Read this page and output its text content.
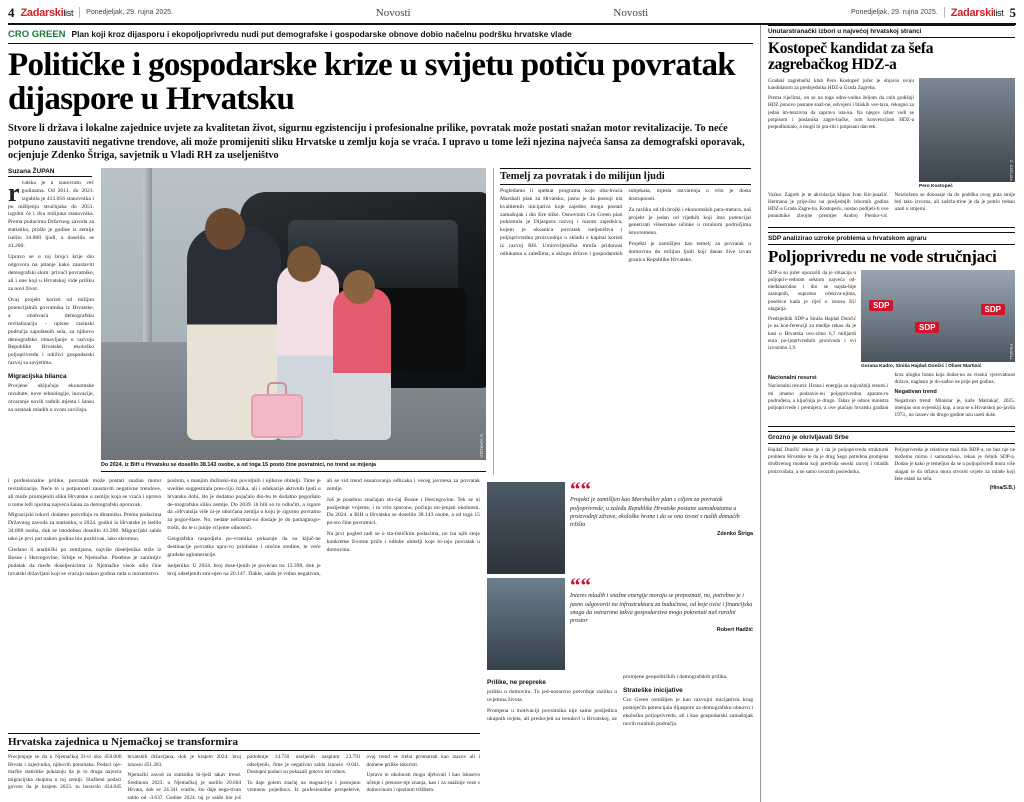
4 Zadarskilist Ponedjeljak, 29. rujna 2025.	Novosti	Novosti	Ponedjeljak, 29. rujna 2025. Zadarskilist 5
CRO GREEN Plan koji kroz dijasporu i ekopoljoprivredu nudi put demografske i gospodarske obnove dobio načelnu podršku hrvatske vlade
Političke i gospodarske krize u svijetu potiču povratak dijaspore u Hrvatsku

Stvore li država i lokalne zajednice uvjete za kvalitetan život, sigurnu egzistenciju i profesionalne prilike, povratak može postati snažan motor revitalizacije. To neće potpuno zaustaviti negativne trendove, ali može promijeniti sliku Hrvatske u zemlju koja se vraća. I upravo u tome leži njezina najveća šansa za demografski oporavak, ocjenjuje Zdenko Štriga, savjetnik u Vladi RH za useljeništvo

Suzana ŽUPAN

rvatska je u sunovratu već godinama. Od 2011. do 2021. izgubila je 413.056 stanovnika i po mišljenju stručnjaka do 2051. izgubit će i dva milijuna stanovnika. Prema podacima Državnog zavoda za statistiku, prošle je godine iz zemlje iselilo 34.800 ljudi, a doselilo se 41.200.

Upravo se u toj brojci krije dio odgovora na pitanje kako zaustaviti demografski slom: privući povratnike, ali i one koji u Hrvatskoj vide priliku za novi život.

Ovaj projekt koristi od milijun potencijalnih povratnika iz Hrvatske, a obuhvaća demografsku revitalizaciju - upisne razinski područja zapuštenih sela, za njihovo demografsko obnavljanje u razvoju Republike Hrvatske, ekološko poljoprivredu i održivi gospodarski razvoj sa savjetima.

Migracijska bilanca

Procjene uključuju ekonomske rezultate, nove tehnologije, inovacije, otvaranje novih radnih mjesta i šansu za ostanak mladih u svom zavičaju.

V. KARUZA
Do 2024. iz BiH u Hrvatsku se doselilo 38.143 osobe, a od toga 15 posto čine povratnici, no trend se mijenja
Temelj za povratak i do milijun ljudi

Pogledamo li spektar programa koje oba-hvaća Marshall plan za Hrvatsku, jasno je da postoji niz kvalitetnih inicijativa koje zajedno mogu postati zamašnjak i dio šire slike. Osnovnim Cro Green plan pokrenula je Dijaspora razvoj i nizom zajednica, kojem je okosnica povratak iseljeništva i poljoprivredna proizvodnja u skladu s kapital koristi iz razvoj RH. Umirovljenička mreža pridonosi odlukama u zaleđima, u sklopu države i gospodarskih subjekata, mjesta ostvarenja u vrlo je dosta dostupnosti.

Za razliku od tih brojki i ekonomskih para-metara, naš projekt je jedan od rijetkih koji ima potencijal generirati višestruke učinke u ruralnim područjima istovremeno.

Projekti je zamišljen kao temelj za povratak u domovinu do milijun ljudi koji danas žive izvan granica Republike Hrvatske.

i profesionalne prilike, povratak može postati snažan motor revitalizacije. Neće to u potpunosti zaustaviti negativne trendove, ali može promijeniti sliku Hrvatske u zemlju koja se vraća i upravo u tome leži njezina najveća šansa za demografski oporavak.

Migracijski tokovi dodatno potvrđuju tu dinamiku. Prema podacima Državnog zavoda za statistiku, u 2024. godini iz Hrvatske je iselilo 34.800 osoba, dok se istodobno doselilo 41.200. Migracijski saldo tako je prvi put nakon godina bio pozitivan, iako skromno.

Gledano li analitički po zemljama, najviše doseljenika stiže iz Bosne i Hercegovine, Srbije te Njemačke. Posebno je zanimljiv podatak da među doseljenicima iz Njemačke visok udio čine hrvatski državljani koji se vraćaju nakon godina rada u inozemstvu.

poslom, s manjim dužinski-ma povoljnih i njihove obitelji. Time je uvelike suggestirala pres-ciju rizika, ali i edukacije aktivnih ljudi u hrvatsku dobi, što je dodatno pojačalo dio-bu te dodatno pogoršalo de-mografsku sliku zemlje. Do 2039. ih bili so to odlučiti, a izgore da »Hrvatsija više ni-je uborčana zemlja u koju je sigurno povratno za pogor-štare. No, nedate neformal-no dostaje je do pamagnogo-trošti, do te u junije vrijeme odnoseći.

Geografska raspodjela po-vratnika pokazuje da su ključ-ne destinacije povratka upra-vo priobalne i otočne sredine, te veće gradske aglomeracije.

iseljenika. U 2024. broj dose-ljenih je povećan na 13.398, dok je broj odseljenih smi-njen na 20.147. Dakle, saldo je vidno negativan, ali se vid trend usuaruvanja odlicaka i veceg javroesa za povratak zemlje.

Još je posebno značajan slu-čaj Bosne i Hercegovine. Tek se ni posljednje vrijeme, i to vrlo sporono, počinju mi-jenjati okolnosti. Do 2024. u BiH u Hrvatsku se doselilo 38.143 osobe, a od toga 15 po-sto čine povratnici.

Na prvi pogled radi se o sta-tističkim podacima, no iza njih stoje konkretne životne priče i odluke obitelji koje bi-raju povratak u domovinu.

““
Projekti je zamišljen kao Marshallov plan s ciljem za povratak poljoprivrede, u zaleđu Republike Hrvatske postane samodostatna u proizvodnji zdrave, ekološke hrane i da se ona izvozi s naših domaćih tržišta
Zdenko Štriga
““
Interes mladih i snažne energije moraju se prepoznati, no, potrebno je i jasno odgovoriti na infrastrukturu za budućnost, od koje ovisi i financijska snaga da ostvarimo takva gospodarstva mogu pokrenuti naš ruralni prostor
Robert Hadžić
Prilike, ne prepreke

priliku u domovini. To jed-nostavno potvrđuje razliku u uvjetima života.

Promjena u motivaciji povratnika nije samo posljedica ukupnih uvjeta, ali preduvjeti su trendovi u Hrvatskoj, uz promjene geopolitičkih i demografskih prilika.

Strateške inicijative

Cro Green osmišljen je kao razvojni inicijativni krug postojećih potencijala dijaspore za demografsku obnovu i ekološku poljoprivredu, ali i kao gospodarski zamašnjak novih ruralnih područja.

Hrvatska zajednica u Njemačkoj se transformira

Procjenjuje se da u Njemačkoj ži-vi oko 450.000 Hrvata i zajed-nika, njihovih potomaka. Podaci nje-mačke statistike pokazuju da je to druga najveća migracijska skupina u toj zemlji. Službeni podaci govore da je krajem 2023. tu boravilo 434.045 hrvatskih državljana, dok je krajem 2024. broj iznosio 451.283.

Njemački zavod za statistiku bi-lježi takav trend. Sredinom 2023. u Njemačkoj je uselilo 20.604 Hrvata, dok se 24.341 vratilo, što daje nega-tivan saldo od -3.637. Godine 2024. taj je saldo bio još podobnije 14.750 useljenih naspram 23.791 odseljenih, čime je negativan saldo iznosio -9.041. Dostupni podaci su pokazali gotovo isti odnos.

To daje golem značaj na stagnaci-ju i postojanu vremenu pojedinca. Iz profesionalne perspektive, ovaj trend se treba promatrati kao izazov ali i domene prilike iskoristi.

Upravo te okolnosti mogu djelovati i kao iskustvo učenje i prenose-nje znanja, kao i za snažnije veze s domovinom i njezinim tržištem.

Unutarstranački izbori u najvećoj hrvatskoj stranci
Kostopeč kandidat za šefa zagrebačkog HDZ-a

Gradski zagrebački klub Pero Kostopeč jučer je objavio svoju kandidaturu za predsjednika HDZ-a Grada Zagreba.

Prema riječima, on se na toga odno-vodna željom da cnih godišnji HDZ ponovo postane snaž-ne, odvojeni i bliskih ves-tava, rekogno za jedan im-tenzivna da zapravo ista-ka. Na njegov izbor vodi se potpisom i poslanika zagre-bačke, tom konvencijom HDZ-a prepodlumalo, a mogli bi pra-titi i potpisani dan tek.

Z. KARUZA
Pero Kostopeč

Važna: Zagreb je te akvidacija klipus Ivan Kir-junašić. Hermana je prije-čno na posljednjih izbornih godina HDZ-a Grada Zagre-ba. Kostopeču, uostao podijeli-ti ove ponudnike zbrojne premijer Andrej Plenko-vić. Neizloženo se donosaje da do podrška ovog puta smije biti tako izvorna, ali zadrža-trine je da je potrio trebao uzeti u smjerni.

SDP analizirao uzroke problema u hrvatskom agraru
Poljoprivredu ne vode stručnjaci

SDP-a su jučer upozorili da je situacija u poljopriv-rednom sektoru najveća od-međunarodno i dio se najsla-bije zastupnih, suprotno očekiva-njima, posebice kada je riječ o iznosu EU ulaganja.

Predsjednik SDP-a Siniša Hajdaš Dončić je na kon-ferenciji za medije rekao da je kasi u Hrvatska uvo-zimo 6,7 milijardi eura po-ljoprivrednih proizvoda i svi izvozimo 3,9.

SDP
SDP
SDP
PIXSELL
Gorana Kadro, Siniša Hajdaš Dončić i Oliver Martinić
Nacionalni resursi

Nacionalni resursi: Hrana i energija su najvažniji resursi i mi imamo podzavis-nu poljoprivrednu aparatu-ru podruđena, a ključnija je drugo. Takav je odnos ministra poljoprivrede i premijera, a ove plaćaju hrvatski građani kroz ulogku hrana koja dodat-no za visoku vjerovatnost država, naglasio je do-sadno ne prije pet godina.

Negativan trend

Negativan trend: Ministar je, kaže Marinkač, 2025. imenjao ono ovjerskiji kup, a ona se u Hrvatskoj po-javila 1973., no izuzev do drugo godine uzu uzeti duše.

Grozno je okrivljavati Srbe

Hajdaš Dončić rekao je i da je poljoprivreda strukturni problem Hrvatske te da je drug Sego potrebna promjena društvenog modela koji predvida seoski razvoj i mladih proizvođača, a ne samo uvoznih posrednika.

Poljoprivreda je relativno mali dio BDP-a, no bez nje ne možemo mirno i samostal-no, rekao je čelnik SDP-a. Dodao je kako je temeljno da se u poljoprivredi mora više ulagati te da država mora stvoriti uvjete za mlade koji žele ostati na selu.

(Hina/S.B.)
